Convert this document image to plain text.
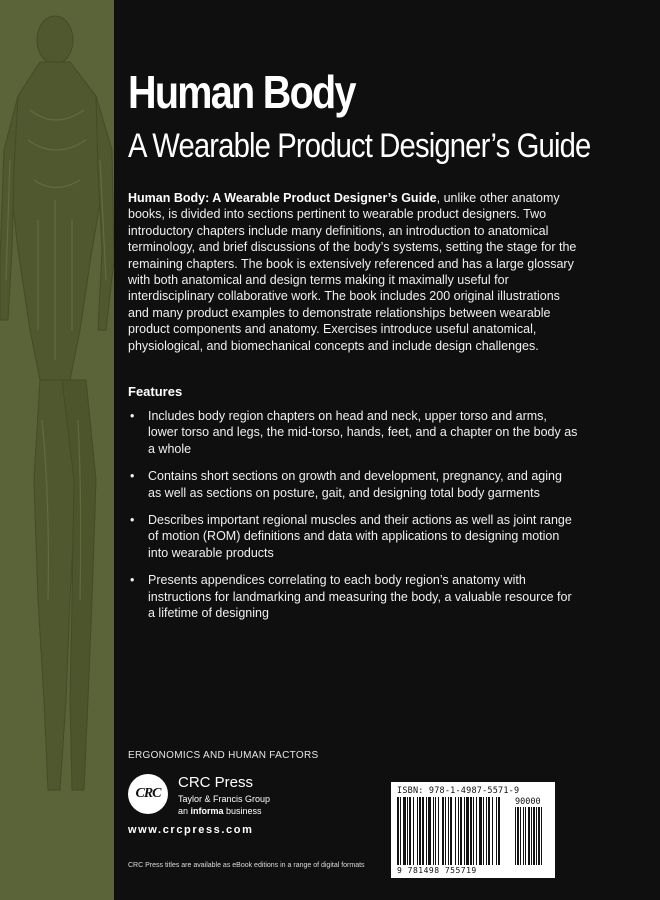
Human Body
A Wearable Product Designer’s Guide
Human Body: A Wearable Product Designer’s Guide, unlike other anatomy books, is divided into sections pertinent to wearable product designers. Two introductory chapters include many definitions, an introduction to anatomical terminology, and brief discussions of the body’s systems, setting the stage for the remaining chapters. The book is extensively referenced and has a large glossary with both anatomical and design terms making it maximally useful for interdisciplinary collaborative work. The book includes 200 original illustrations and many product examples to demonstrate relationships between wearable product components and anatomy. Exercises introduce useful anatomical, physiological, and biomechanical concepts and include design challenges.
Features
• Includes body region chapters on head and neck, upper torso and arms, lower torso and legs, the mid-torso, hands, feet, and a chapter on the body as a whole
• Contains short sections on growth and development, pregnancy, and aging as well as sections on posture, gait, and designing total body garments
• Describes important regional muscles and their actions as well as joint range of motion (ROM) definitions and data with applications to designing motion into wearable products
• Presents appendices correlating to each body region’s anatomy with instructions for landmarking and measuring the body, a valuable resource for a lifetime of designing
ERGONOMICS AND HUMAN FACTORS
CRC
CRC Press
Taylor & Francis Group
an informa business
www.crcpress.com
CRC Press titles are available as eBook editions in a range of digital formats
ISBN: 978-1-4987-5571-9
90000
9 781498 755719
